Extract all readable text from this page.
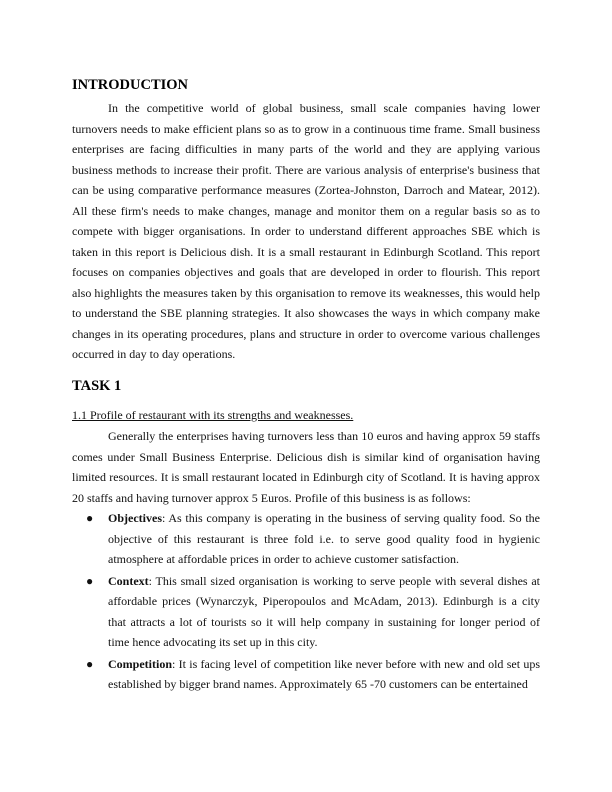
INTRODUCTION

In the competitive world of global business, small scale companies having lower turnovers needs to make efficient plans so as to grow in a continuous time frame. Small business enterprises are facing difficulties in many parts of the world and they are applying various business methods to increase their profit. There are various analysis of enterprise's business that can be using comparative performance measures (Zortea-Johnston, Darroch and Matear, 2012). All these firm's needs to make changes, manage and monitor them on a regular basis so as to compete with bigger organisations. In order to understand different approaches SBE which is taken in this report is Delicious dish. It is a small restaurant in Edinburgh Scotland. This report focuses on companies objectives and goals that are developed in order to flourish. This report also highlights the measures taken by this organisation to remove its weaknesses, this would help to understand the SBE planning strategies. It also showcases the ways in which company make changes in its operating procedures, plans and structure in order to overcome various challenges occurred in day to day operations.

TASK 1
1.1 Profile of restaurant with its strengths and weaknesses.

Generally the enterprises having turnovers less than 10 euros and having approx 59 staffs comes under Small Business Enterprise. Delicious dish is similar kind of organisation having limited resources. It is small restaurant located in Edinburgh city of Scotland. It is having approx 20 staffs and having turnover approx 5 Euros. Profile of this business is as follows:

● Objectives: As this company is operating in the business of serving quality food. So the objective of this restaurant is three fold i.e. to serve good quality food in hygienic atmosphere at affordable prices in order to achieve customer satisfaction.
● Context: This small sized organisation is working to serve people with several dishes at affordable prices (Wynarczyk, Piperopoulos and McAdam, 2013). Edinburgh is a city that attracts a lot of tourists so it will help company in sustaining for longer period of time hence advocating its set up in this city.
● Competition: It is facing level of competition like never before with new and old set ups established by bigger brand names. Approximately 65 -70 customers can be entertained
